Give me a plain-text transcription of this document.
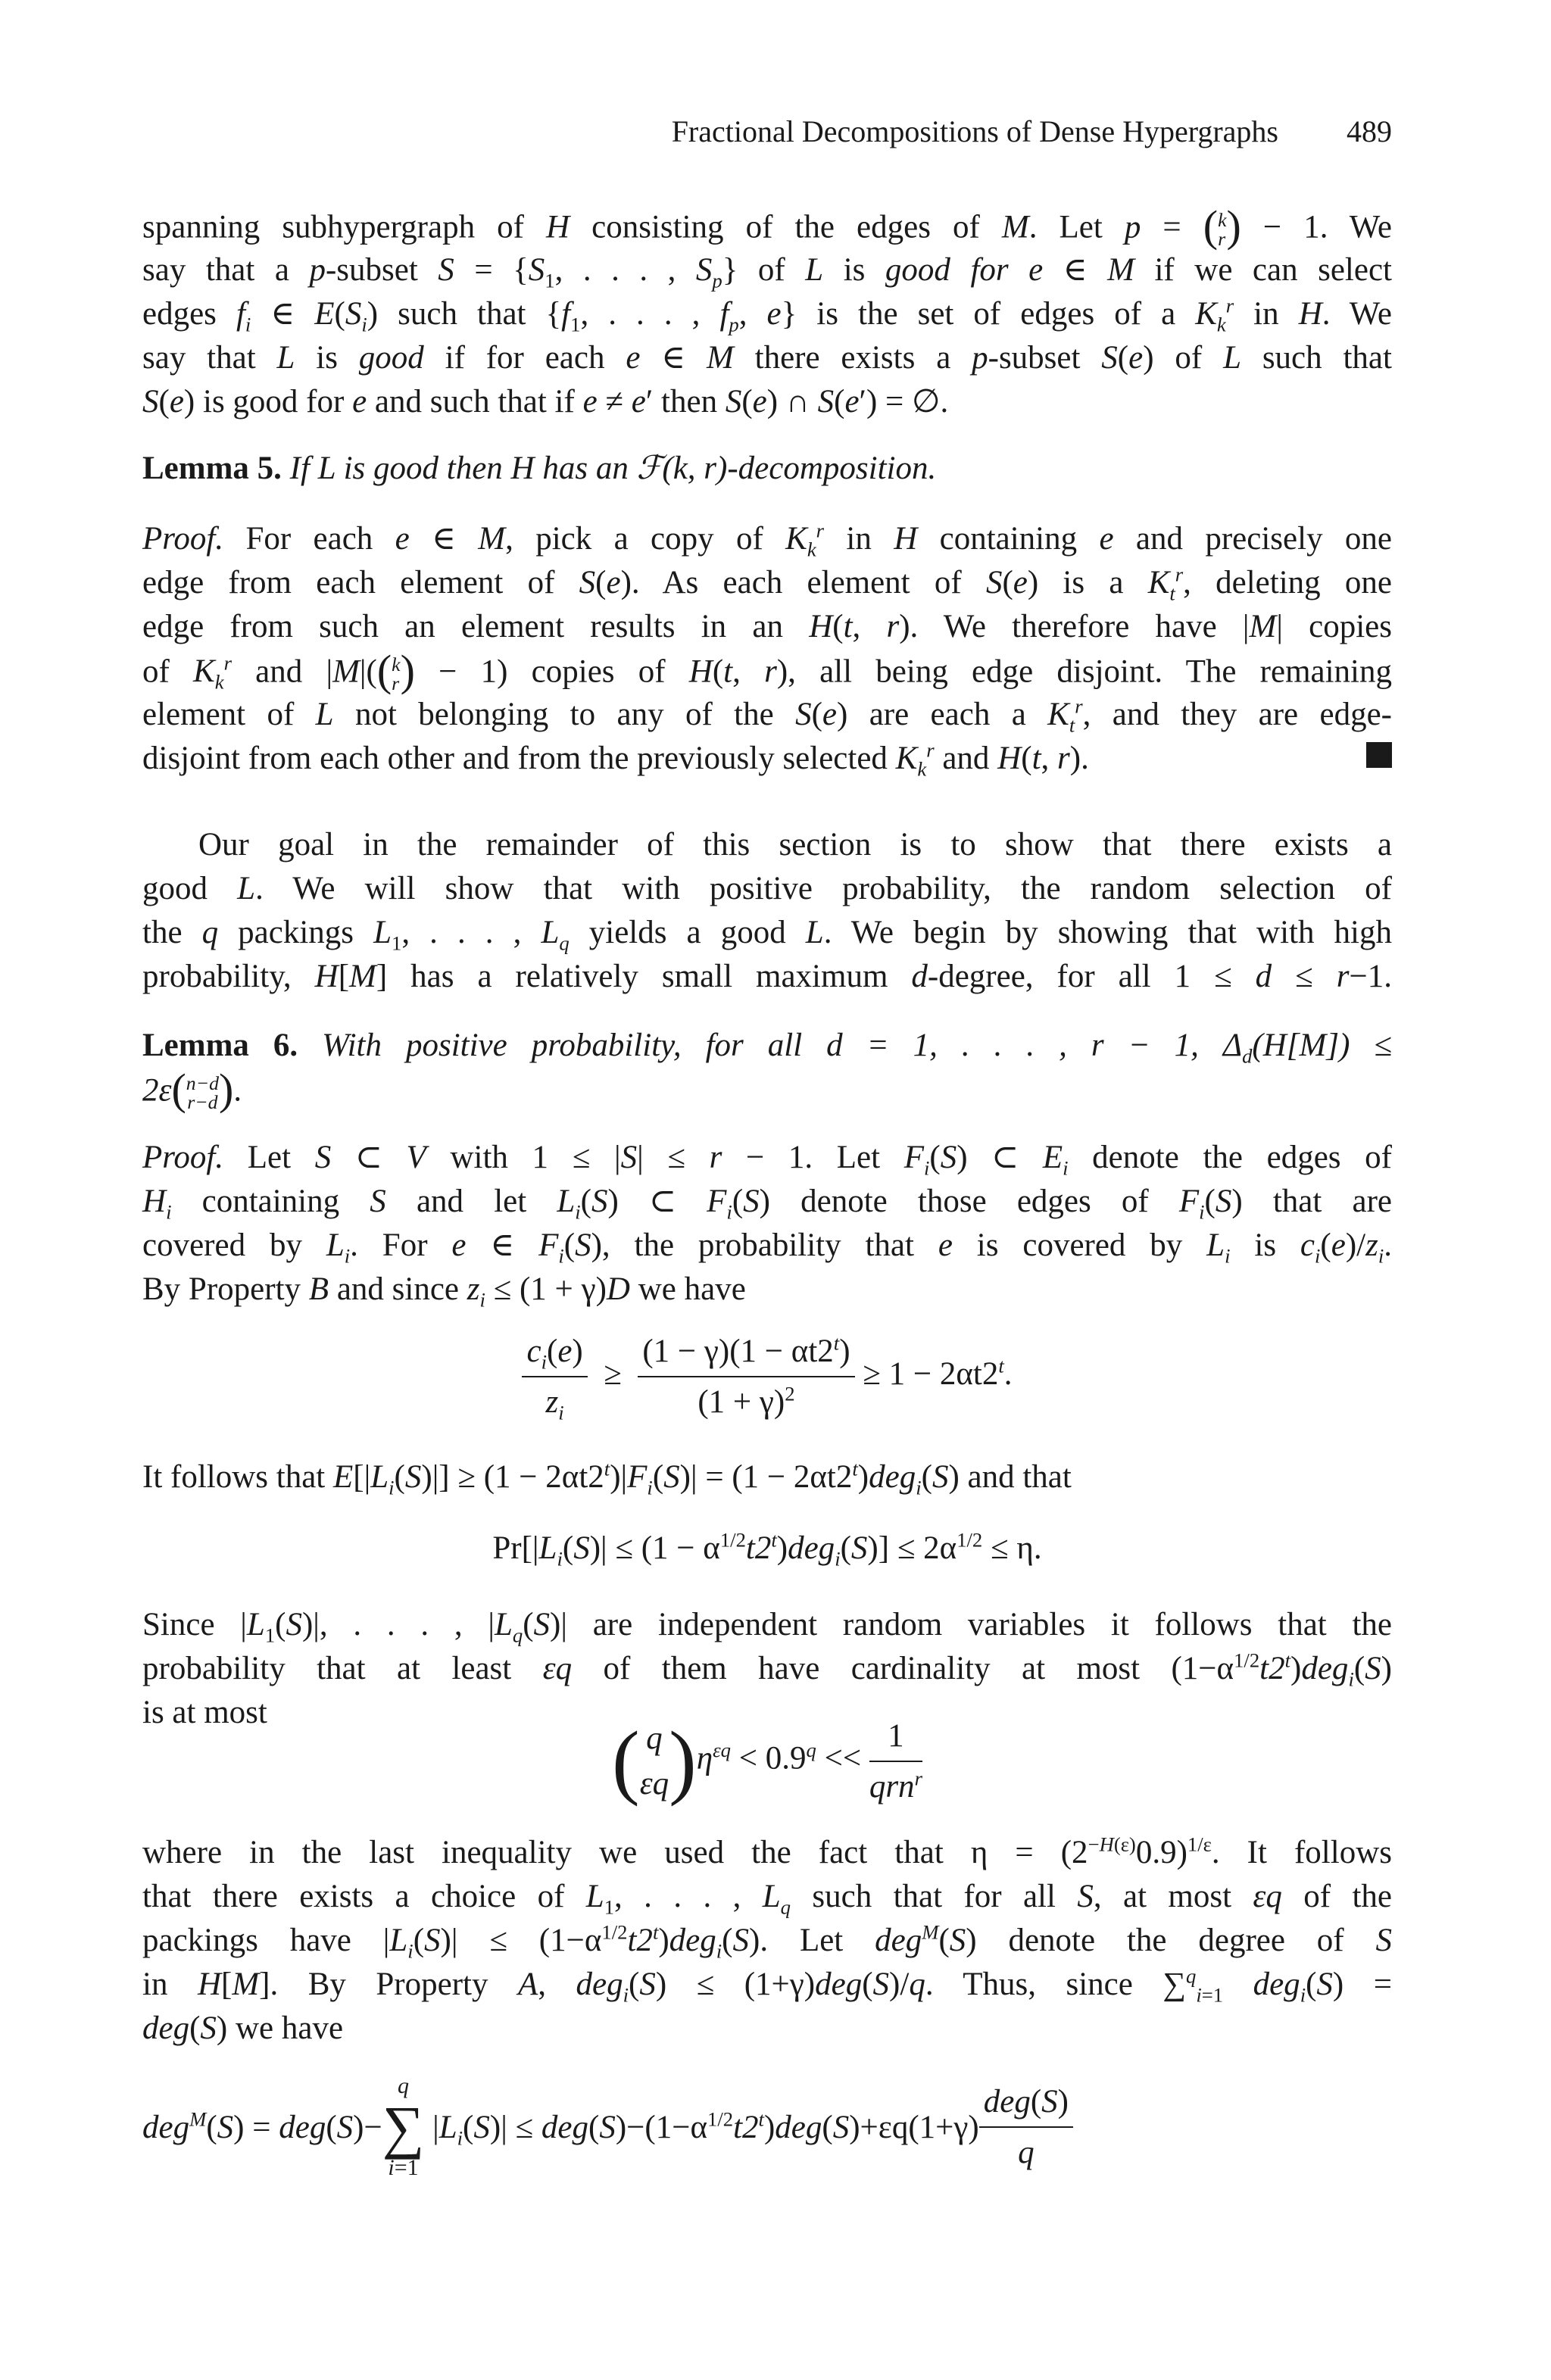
Fractional Decompositions of Dense Hypergraphs 489
spanning subhypergraph of H consisting of the edges of M. Let p = ( k
r ) − 1. We
say that a p-subset $S = \{S_1$, . . . , $S_p$} of L is good for e ∈ M if we can select
edges $f_i$ ∈ $E(S_i)$ such that {$f_1$, . . . , $f_p$, e} is the set of edges of a $K_k^r$ in H. We
say that L is good if for each e ∈ M there exists a p-subset S(e) of L such that
S(e) is good for e and such that if e ≠ e′ then S(e) ∩ S(e′) = ∅.
Lemma 5. If L is good then H has an ℱ(k, r)-decomposition.
Proof. For each e ∈ M, pick a copy of $K_k^r$ in H containing e and precisely one
edge from each element of S(e). As each element of S(e) is a $K_t^r$, deleting one
edge from such an element results in an H(t, r). We therefore have |M| copies
of $K_k^r$ and |M|(( k
r ) − 1) copies of H(t, r), all being edge disjoint. The remaining
element of L not belonging to any of the S(e) are each a $K_t^r$, and they are edge-
disjoint from each other and from the previously selected $K_k^r$ and H(t, r).
Our goal in the remainder of this section is to show that there exists a
good L. We will show that with positive probability, the random selection of
the q packings $L_1$, . . . , $L_q$ yields a good L. We begin by showing that with high
probability, H[M] has a relatively small maximum d-degree, for all 1 ≤ d ≤ r−1.
Lemma 6. With positive probability, for all d = 1, . . . , r − 1, $\Delta_d(H[M])$ ≤
2ε( n−d
r−d ).
Proof. Let S ⊂ V with 1 ≤ |S| ≤ r − 1. Let $F_i(S)$ ⊂ $E_i$ denote the edges of
$H_i$ containing S and let $L_i(S)$ ⊂ $F_i(S)$ denote those edges of $F_i(S)$ that are
covered by $L_i$. For e ∈ $F_i(S)$, the probability that e is covered by $L_i$ is $c_i(e)/z_i$.
By Property B and since $z_i \le (1 + \gamma)D$ we have
$\frac{c_i(e)}{z_i} \ge \frac{(1 - \gamma)(1 - \alpha t2^t)}{(1 + \gamma)^2} \ge 1 - 2\alpha t2^t$.
It follows that $E[|L_i(S)|] \ge (1 - 2\alpha t2^t)|F_i(S)| = (1 - 2\alpha t2^t)deg_i(S)$ and that
$Pr[|L_i(S)| \le (1 - \alpha^{1/2}t2^t)deg_i(S)] \le 2\alpha^{1/2} \le \eta$.
Since $|L_1(S)|$, . . . , $|L_q(S)|$ are independent random variables it follows that the
probability that at least εq of them have cardinality at most $(1-\alpha^{1/2}t2^t)deg_i(S)$
is at most
( q
$\varepsilon q)\eta^{\varepsilon q} < 0.9^q << \frac{1}{qrn^r}$
where in the last inequality we used the fact that $\eta = (2^{-H(\varepsilon)}0.9)^{1/\varepsilon}$. It follows
that there exists a choice of $L_1$, . . . , $L_q$ such that for all S, at most εq of the
packings have $|L_i(S)| \le (1-\alpha^{1/2}t2^t)deg_i(S)$. Let deg$^M$(S) denote the degree of S
in H[M]. By Property A, deg$_i$(S) ≤ (1+γ)deg(S)/q. Thus, since ∑$^q_{i=1}$ deg$_i$(S) =
deg(S) we have
deg$^M$(S) = deg(S)−
q
∑
i=1
$|L_i(S)| \le deg(S)-(1-\alpha^{1/2}t2^t)deg(S)+\varepsilon q(1+\gamma) \frac{\text{deg(S)}}{q}$
